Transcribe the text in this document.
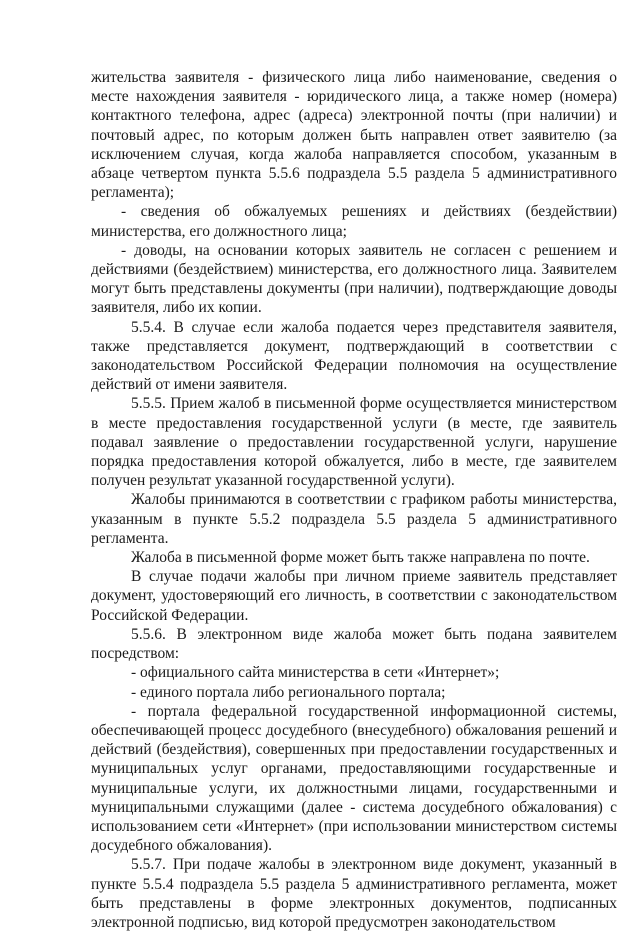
жительства заявителя - физического лица либо наименование, сведения о месте нахождения заявителя - юридического лица, а также номер (номера) контактного телефона, адрес (адреса) электронной почты (при наличии) и почтовый адрес, по которым должен быть направлен ответ заявителю (за исключением случая, когда жалоба направляется способом, указанным в абзаце четвертом пункта 5.5.6 подраздела 5.5 раздела 5 административного регламента);

- сведения об обжалуемых решениях и действиях (бездействии) министерства, его должностного лица;

- доводы, на основании которых заявитель не согласен с решением и действиями (бездействием) министерства, его должностного лица. Заявителем могут быть представлены документы (при наличии), подтверждающие доводы заявителя, либо их копии.

5.5.4. В случае если жалоба подается через представителя заявителя, также представляется документ, подтверждающий в соответствии с законодательством Российской Федерации полномочия на осуществление действий от имени заявителя.

5.5.5. Прием жалоб в письменной форме осуществляется министерством в месте предоставления государственной услуги (в месте, где заявитель подавал заявление о предоставлении государственной услуги, нарушение порядка предоставления которой обжалуется, либо в месте, где заявителем получен результат указанной государственной услуги).

Жалобы принимаются в соответствии с графиком работы министерства, указанным в пункте 5.5.2 подраздела 5.5 раздела 5 административного регламента.

Жалоба в письменной форме может быть также направлена по почте.

В случае подачи жалобы при личном приеме заявитель представляет документ, удостоверяющий его личность, в соответствии с законодательством Российской Федерации.

5.5.6. В электронном виде жалоба может быть подана заявителем посредством:

- официального сайта министерства в сети «Интернет»;

- единого портала либо регионального портала;

- портала федеральной государственной информационной системы, обеспечивающей процесс досудебного (внесудебного) обжалования решений и действий (бездействия), совершенных при предоставлении государственных и муниципальных услуг органами, предоставляющими государственные и муниципальные услуги, их должностными лицами, государственными и муниципальными служащими (далее - система досудебного обжалования) с использованием сети «Интернет» (при использовании министерством системы досудебного обжалования).

5.5.7. При подаче жалобы в электронном виде документ, указанный в пункте 5.5.4 подраздела 5.5 раздела 5 административного регламента, может быть представлены в форме электронных документов, подписанных электронной подписью, вид которой предусмотрен законодательством
